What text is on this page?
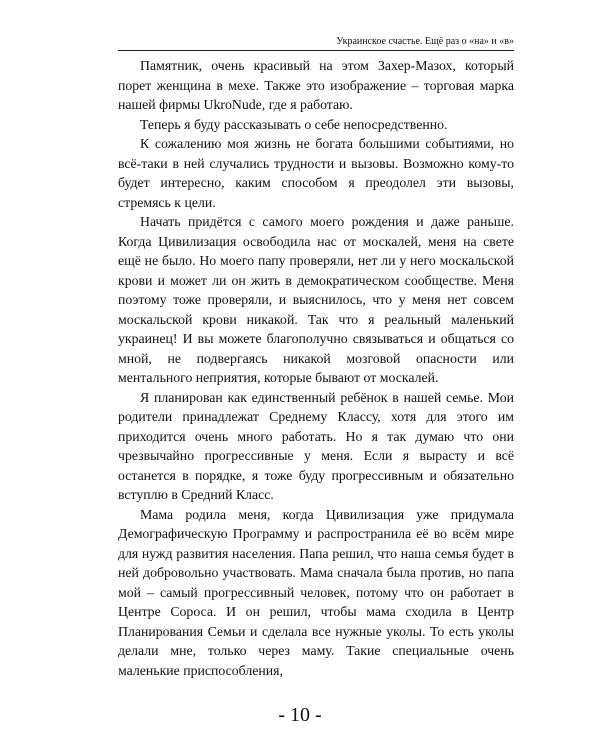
Украинское счастье. Ещё раз о «на» и «в»

Памятник, очень красивый на этом Захер-Мазох, который порет женщина в мехе. Также это изображение – торговая марка нашей фирмы UkroNude, где я работаю.

Теперь я буду рассказывать о себе непосредственно.

К сожалению моя жизнь не богата большими событиями, но всё-таки в ней случались трудности и вызовы. Возможно кому-то будет интересно, каким способом я преодолел эти вызовы, стремясь к цели.

Начать придётся с самого моего рождения и даже раньше. Когда Цивилизация освободила нас от москалей, меня на свете ещё не было. Но моего папу проверяли, нет ли у него москальской крови и может ли он жить в демократическом сообществе. Меня поэтому тоже проверяли, и выяснилось, что у меня нет совсем москальской крови никакой. Так что я реальный маленький украинец! И вы можете благополучно связываться и общаться со мной, не подвергаясь никакой мозговой опасности или ментального неприятия, которые бывают от москалей.

Я планирован как единственный ребёнок в нашей семье. Мои родители принадлежат Среднему Классу, хотя для этого им приходится очень много работать. Но я так думаю что они чрезвычайно прогрессивные у меня. Если я вырасту и всё останется в порядке, я тоже буду прогрессивным и обязательно вступлю в Средний Класс.

Мама родила меня, когда Цивилизация уже придумала Демографическую Программу и распространила её во всём мире для нужд развития населения. Папа решил, что наша семья будет в ней добровольно участвовать. Мама сначала была против, но папа мой – самый прогрессивный человек, потому что он работает в Центре Сороса. И он решил, чтобы мама сходила в Центр Планирования Семьи и сделала все нужные уколы. То есть уколы делали мне, только через маму. Такие специальные очень маленькие приспособления,

- 10 -
